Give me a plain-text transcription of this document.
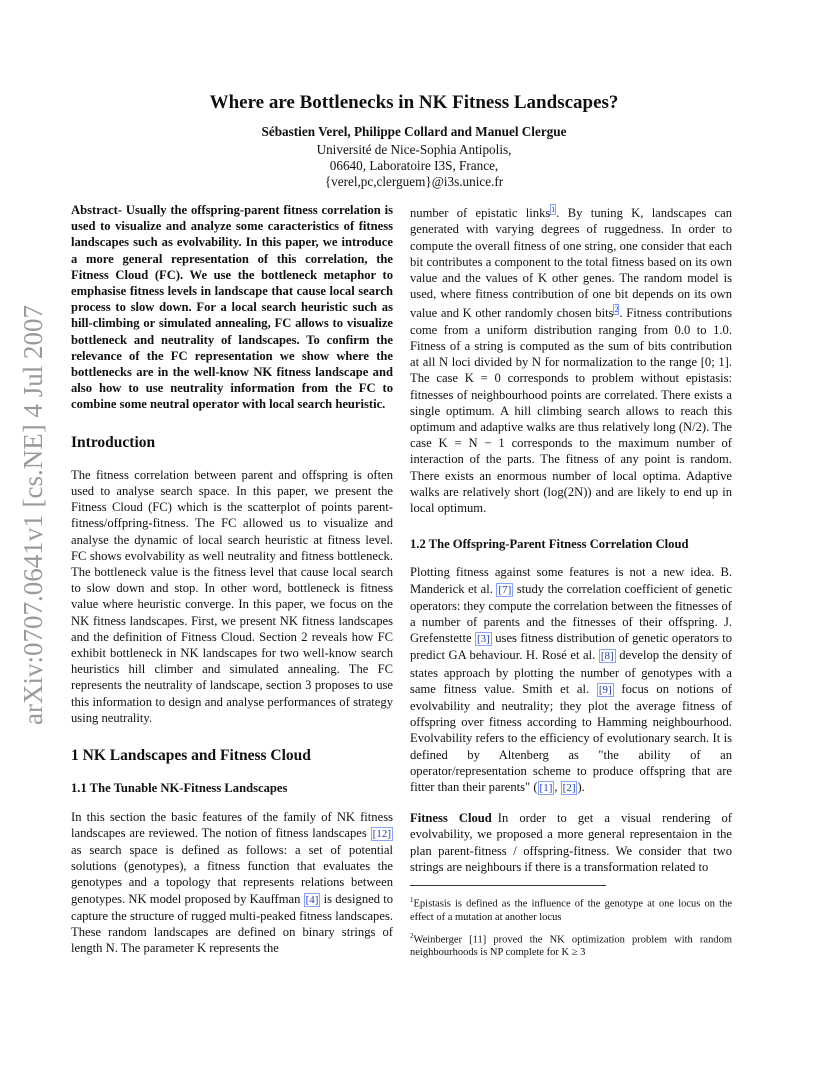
arXiv:0707.0641v1 [cs.NE] 4 Jul 2007
Where are Bottlenecks in NK Fitness Landscapes?
Sébastien Verel, Philippe Collard and Manuel Clergue
Université de Nice-Sophia Antipolis,
06640, Laboratoire I3S, France,
{verel,pc,clerguem}@i3s.unice.fr

Abstract- Usually the offspring-parent fitness correlation is used to visualize and analyze some caracteristics of fitness landscapes such as evolvability. In this paper, we introduce a more general representation of this correlation, the Fitness Cloud (FC). We use the bottleneck metaphor to emphasise fitness levels in landscape that cause local search process to slow down. For a local search heuristic such as hill-climbing or simulated annealing, FC allows to visualize bottleneck and neutrality of landscapes. To confirm the relevance of the FC representation we show where the bottlenecks are in the well-know NK fitness landscape and also how to use neutrality information from the FC to combine some neutral operator with local search heuristic.

Introduction

The fitness correlation between parent and offspring is often used to analyse search space. In this paper, we present the Fitness Cloud (FC) which is the scatterplot of points parent-fitness/offpring-fitness. The FC allowed us to visualize and analyse the dynamic of local search heuristic at fitness level. FC shows evolvability as well neutrality and fitness bottleneck. The bottleneck value is the fitness level that cause local search to slow down and stop. In other word, bottleneck is fitness value where heuristic converge. In this paper, we focus on the NK fitness landscapes. First, we present NK fitness landscapes and the definition of Fitness Cloud. Section 2 reveals how FC exhibit bottleneck in NK landscapes for two well-know search heuristics hill climber and simulated annealing. The FC represents the neutrality of landscape, section 3 proposes to use this information to design and analyse performances of strategy using neutrality.

1 NK Landscapes and Fitness Cloud
1.1 The Tunable NK-Fitness Landscapes

In this section the basic features of the family of NK fitness landscapes are reviewed. The notion of fitness landscapes [12] as search space is defined as follows: a set of potential solutions (genotypes), a fitness function that evaluates the genotypes and a topology that represents relations between genotypes. NK model proposed by Kauffman [4] is designed to capture the structure of rugged multi-peaked fitness landscapes. These random landscapes are defined on binary strings of length N. The parameter K represents the

number of epistatic links$^1$. By tuning K, landscapes can generated with varying degrees of ruggedness. In order to compute the overall fitness of one string, one consider that each bit contributes a component to the total fitness based on its own value and the values of K other genes. The random model is used, where fitness contribution of one bit depends on its own value and K other randomly chosen bits$^2$. Fitness contributions come from a uniform distribution ranging from 0.0 to 1.0. Fitness of a string is computed as the sum of bits contribution at all N loci divided by N for normalization to the range [0; 1]. The case K = 0 corresponds to problem without epistasis: fitnesses of neighbourhood points are correlated. There exists a single optimum. A hill climbing search allows to reach this optimum and adaptive walks are thus relatively long (N/2). The case K = N − 1 corresponds to the maximum number of interaction of the parts. The fitness of any point is random. There exists an enormous number of local optima. Adaptive walks are relatively short (log(2N)) and are likely to end up in local optimum.

1.2 The Offspring-Parent Fitness Correlation Cloud

Plotting fitness against some features is not a new idea. B. Manderick et al. [7] study the correlation coefficient of genetic operators: they compute the correlation between the fitnesses of a number of parents and the fitnesses of their offspring. J. Grefenstette [3] uses fitness distribution of genetic operators to predict GA behaviour. H. Rosé et al. [8] develop the density of states approach by plotting the number of genotypes with a same fitness value. Smith et al. [9] focus on notions of evolvability and neutrality; they plot the average fitness of offspring over fitness according to Hamming neighbourhood. Evolvability refers to the efficiency of evolutionary search. It is defined by Altenberg as "the ability of an operator/representation scheme to produce offspring that are fitter than their parents" ( [1] , [2] ).

Fitness Cloud In order to get a visual rendering of evolvability, we proposed a more general representaion in the plan parent-fitness / offspring-fitness. We consider that two strings are neighbours if there is a transformation related to

$^1$Epistasis is defined as the influence of the genotype at one locus on the effect of a mutation at another locus

$^2$Weinberger [11] proved the NK optimization problem with random neighbourhoods is NP complete for K ≥ 3
